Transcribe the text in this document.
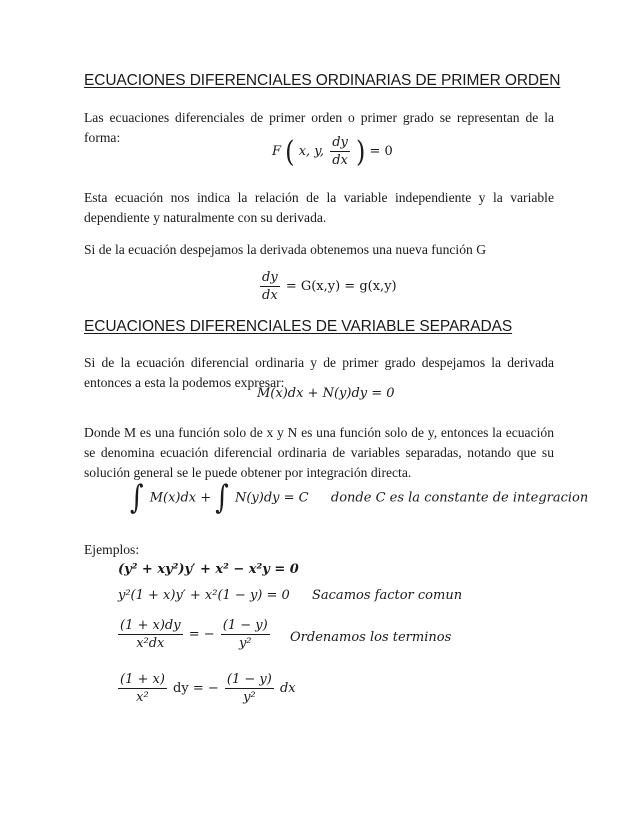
ECUACIONES DIFERENCIALES ORDINARIAS DE PRIMER ORDEN
Las ecuaciones diferenciales de primer orden o primer grado se representan de la forma:
F ( x, y, $\frac{dy}{dx}$ ) = 0
Esta ecuación nos indica la relación de la variable independiente y la variable dependiente y naturalmente con su derivada.
Si de la ecuación despejamos la derivada obtenemos una nueva función G
$\frac{dy}{dx} = G(x,y) = g(x,y)$
ECUACIONES DIFERENCIALES DE VARIABLE SEPARADAS
Si de la ecuación diferencial ordinaria y de primer grado despejamos la derivada entonces a esta la podemos expresar:
M(x)dx + N(y)dy = 0
Donde M es una función solo de x y N es una función solo de y, entonces la ecuación se denomina ecuación diferencial ordinaria de variables separadas, notando que su solución general se le puede obtener por integración directa.
∫ M(x)dx + ∫ N(y)dy = C donde C es la constante de integracion
Ejemplos:
(y² + xy²)y′ + x² − x²y = 0
y²(1 + x)y′ + x²(1 − y) = 0 Sacamos factor comun
$\frac{(1 + x)dy}{\text{x²dx}}$ = − $\frac{(1 - y)}{\text{y²}}$ Ordenamos los terminos
$\frac{(1 + x)}{\text{x²}}$ dy = − $\frac{(1 - y)}{\text{y²}}$ dx
